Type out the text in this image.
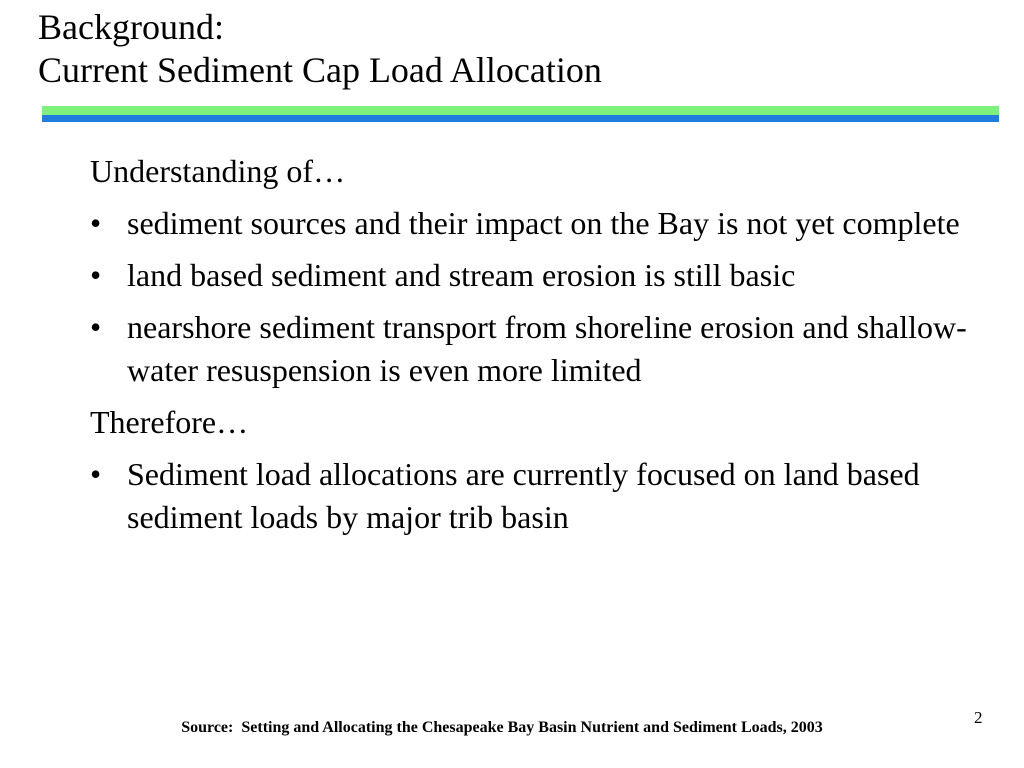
Background:
Current Sediment Cap Load Allocation

Understanding of…

• sediment sources and their impact on the Bay is not yet complete
• land based sediment and stream erosion is still basic
• nearshore sediment transport from shoreline erosion and shallow-water resuspension is even more limited

Therefore…

• Sediment load allocations are currently focused on land based sediment loads by major trib basin
2
Source:  Setting and Allocating the Chesapeake Bay Basin Nutrient and Sediment Loads, 2003
